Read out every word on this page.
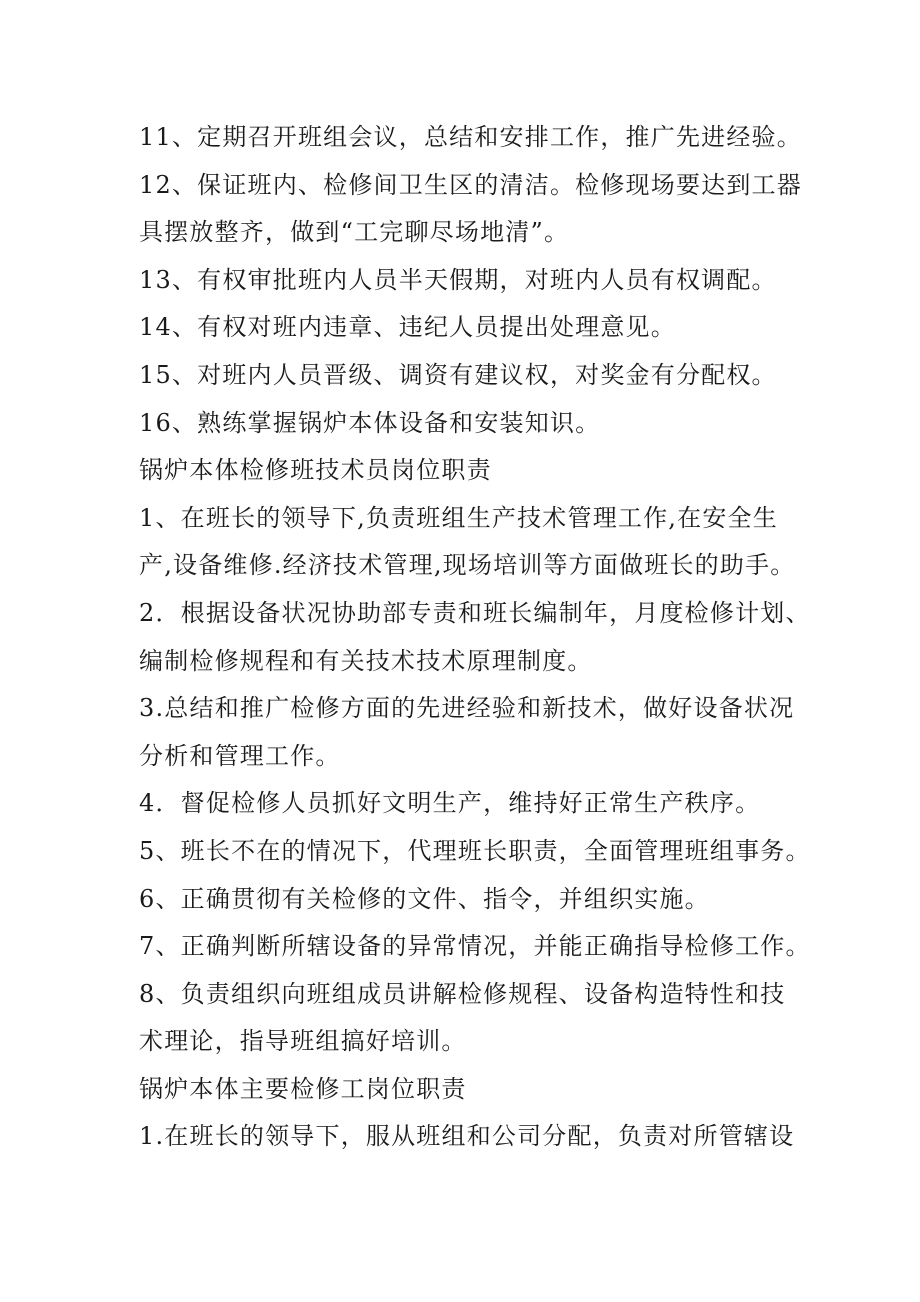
11、定期召开班组会议，总结和安排工作，推广先进经验。
12、保证班内、检修间卫生区的清洁。检修现场要达到工器
具摆放整齐，做到“工完聊尽场地清”。
13、有权审批班内人员半天假期，对班内人员有权调配。
14、有权对班内违章、违纪人员提出处理意见。
15、对班内人员晋级、调资有建议权，对奖金有分配权。
16、熟练掌握锅炉本体设备和安装知识。
锅炉本体检修班技术员岗位职责
1、在班长的领导下,负责班组生产技术管理工作,在安全生
产,设备维修.经济技术管理,现场培训等方面做班长的助手。
2．根据设备状况协助部专责和班长编制年，月度检修计划、
编制检修规程和有关技术技术原理制度。
3.总结和推广检修方面的先进经验和新技术，做好设备状况
分析和管理工作。
4．督促检修人员抓好文明生产，维持好正常生产秩序。
5、班长不在的情况下，代理班长职责，全面管理班组事务。
6、正确贯彻有关检修的文件、指令，并组织实施。
7、正确判断所辖设备的异常情况，并能正确指导检修工作。
8、负责组织向班组成员讲解检修规程、设备构造特性和技
术理论，指导班组搞好培训。
锅炉本体主要检修工岗位职责
1.在班长的领导下，服从班组和公司分配，负责对所管辖设
